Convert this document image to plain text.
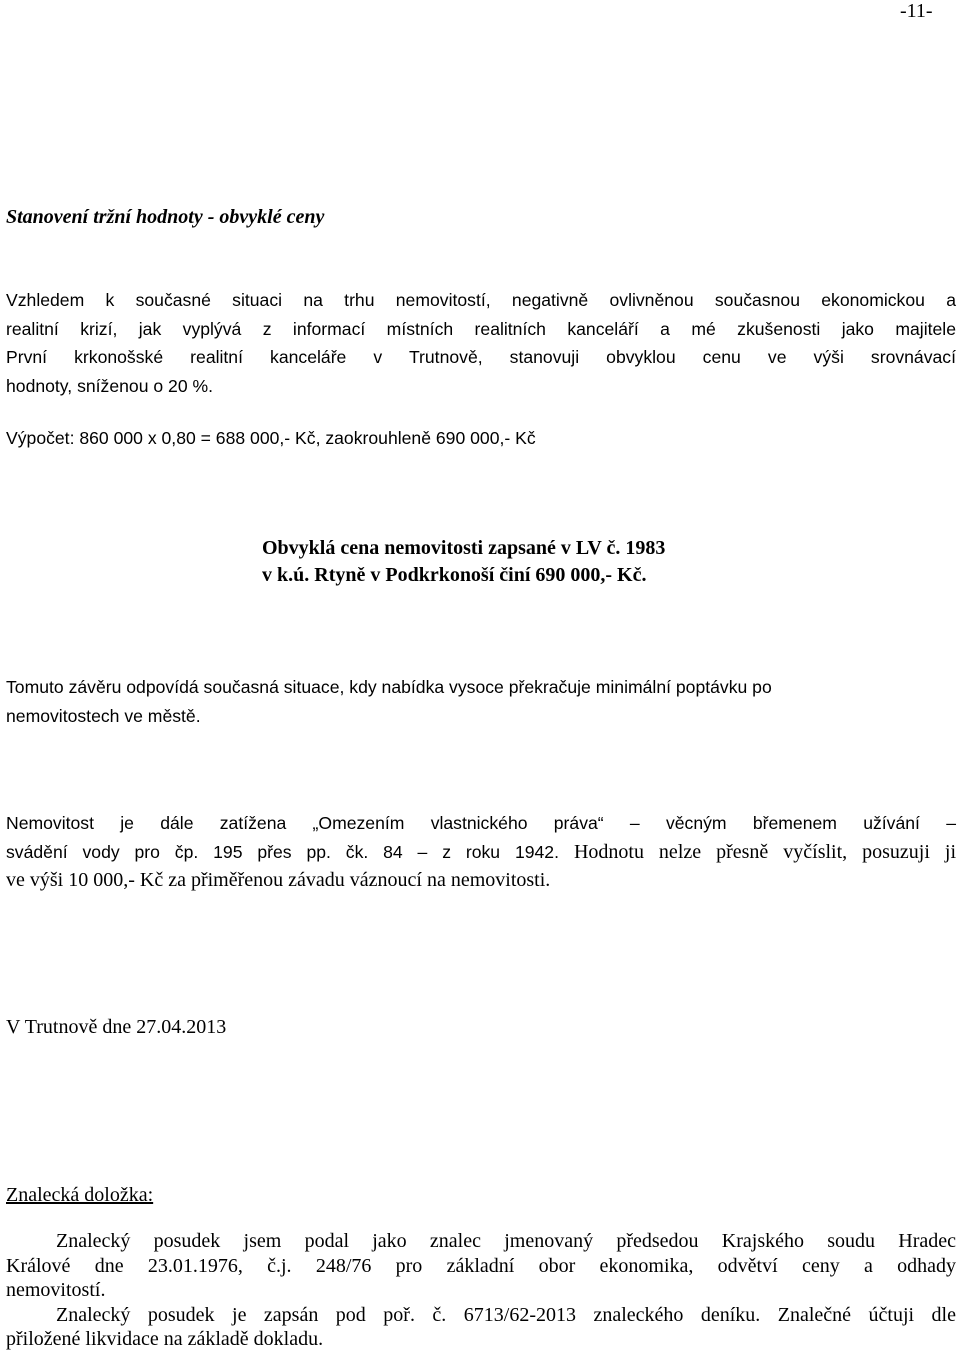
-11-
Stanovení tržní hodnoty - obvyklé ceny
Vzhledem k současné situaci na trhu nemovitostí, negativně ovlivněnou současnou ekonomickou a
realitní krizí, jak vyplývá z informací místních realitních kanceláří a mé zkušenosti jako majitele
První krkonošské realitní kanceláře v Trutnově, stanovuji obvyklou cenu ve výši srovnávací
hodnoty, sníženou o 20 %.
Výpočet: 860 000 x 0,80 = 688 000,- Kč, zaokrouhleně 690 000,- Kč
Obvyklá cena nemovitosti zapsané v LV č. 1983
v k.ú. Rtyně v Podkrkonoší činí 690 000,- Kč.
Tomuto závěru odpovídá současná situace, kdy nabídka vysoce překračuje minimální poptávku po
nemovitostech ve městě.
Nemovitost je dále zatížena „Omezením vlastnického práva“ – věcným břemenem užívání –
svádění vody pro čp. 195 přes pp. čk. 84 – z roku 1942. Hodnotu nelze přesně vyčíslit, posuzuji ji
ve výši 10 000,- Kč za přiměřenou závadu váznoucí na nemovitosti.
V Trutnově dne 27.04.2013
Znalecká doložka:
Znalecký posudek jsem podal jako znalec jmenovaný předsedou Krajského soudu Hradec
Králové dne 23.01.1976, č.j. 248/76 pro základní obor ekonomika, odvětví ceny a odhady
nemovitostí.
Znalecký posudek je zapsán pod poř. č. 6713/62-2013 znaleckého deníku. Znalečné účtuji dle
přiložené likvidace na základě dokladu.
